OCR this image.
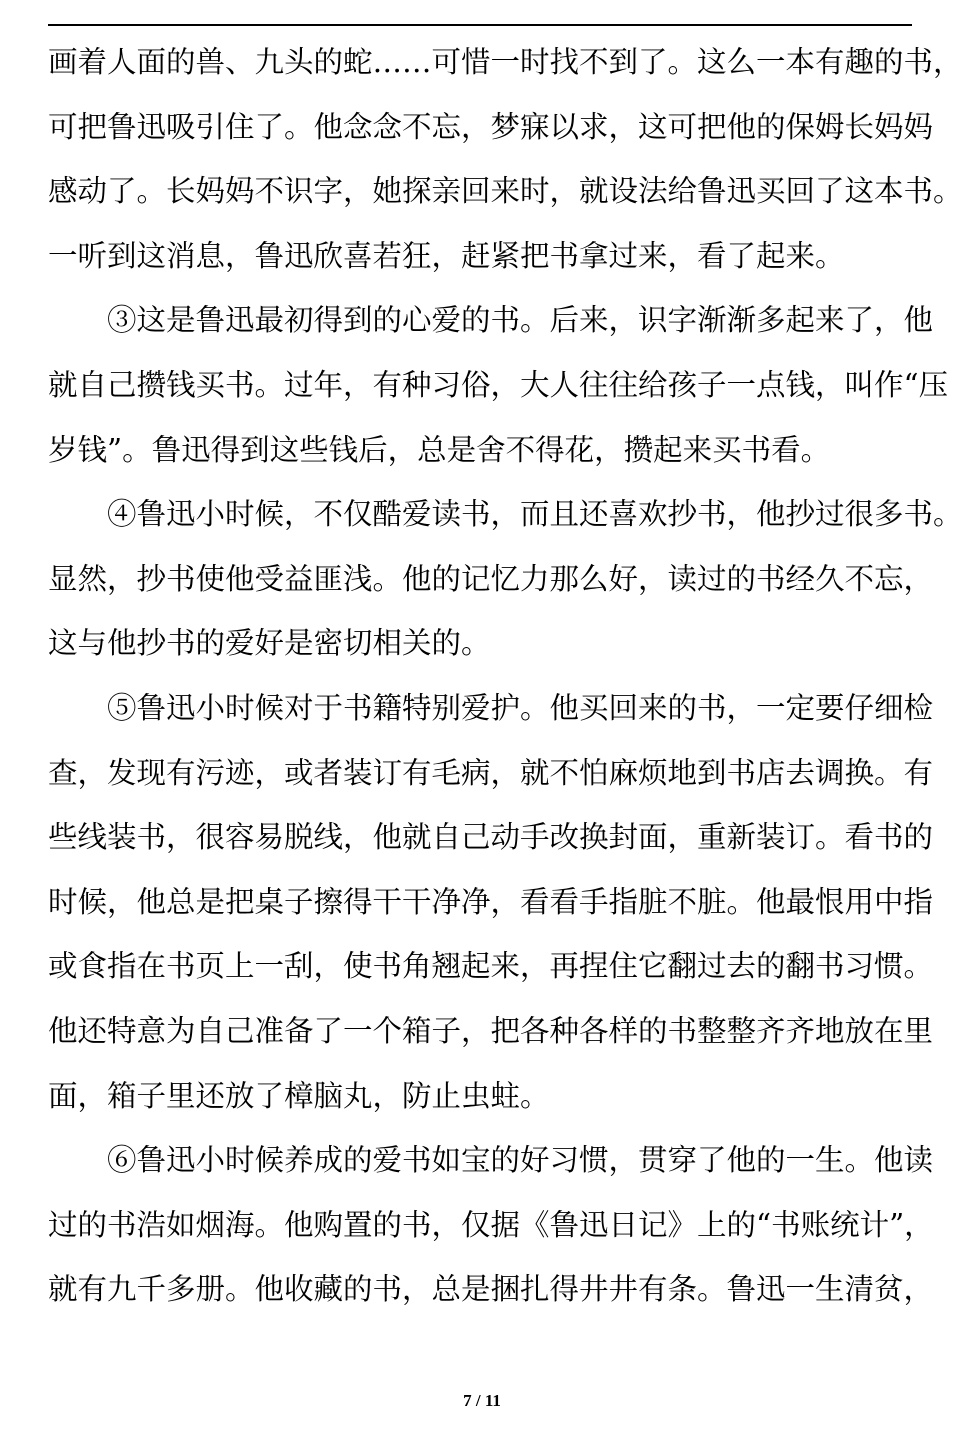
画着人面的兽、九头的蛇……可惜一时找不到了。这么一本有趣的书，
可把鲁迅吸引住了。他念念不忘，梦寐以求，这可把他的保姆长妈妈
感动了。长妈妈不识字，她探亲回来时，就设法给鲁迅买回了这本书。
一听到这消息，鲁迅欣喜若狂，赶紧把书拿过来，看了起来。
③这是鲁迅最初得到的心爱的书。后来，识字渐渐多起来了，他
就自己攒钱买书。过年，有种习俗，大人往往给孩子一点钱，叫作“压
岁钱”。鲁迅得到这些钱后，总是舍不得花，攒起来买书看。
④鲁迅小时候，不仅酷爱读书，而且还喜欢抄书，他抄过很多书。
显然，抄书使他受益匪浅。他的记忆力那么好，读过的书经久不忘，
这与他抄书的爱好是密切相关的。
⑤鲁迅小时候对于书籍特别爱护。他买回来的书，一定要仔细检
查，发现有污迹，或者装订有毛病，就不怕麻烦地到书店去调换。有
些线装书，很容易脱线，他就自己动手改换封面，重新装订。看书的
时候，他总是把桌子擦得干干净净，看看手指脏不脏。他最恨用中指
或食指在书页上一刮，使书角翘起来，再捏住它翻过去的翻书习惯。
他还特意为自己准备了一个箱子，把各种各样的书整整齐齐地放在里
面，箱子里还放了樟脑丸，防止虫蛀。
⑥鲁迅小时候养成的爱书如宝的好习惯，贯穿了他的一生。他读
过的书浩如烟海。他购置的书，仅据《鲁迅日记》上的“书账统计”，
就有九千多册。他收藏的书，总是捆扎得井井有条。鲁迅一生清贫，
7 / 11
